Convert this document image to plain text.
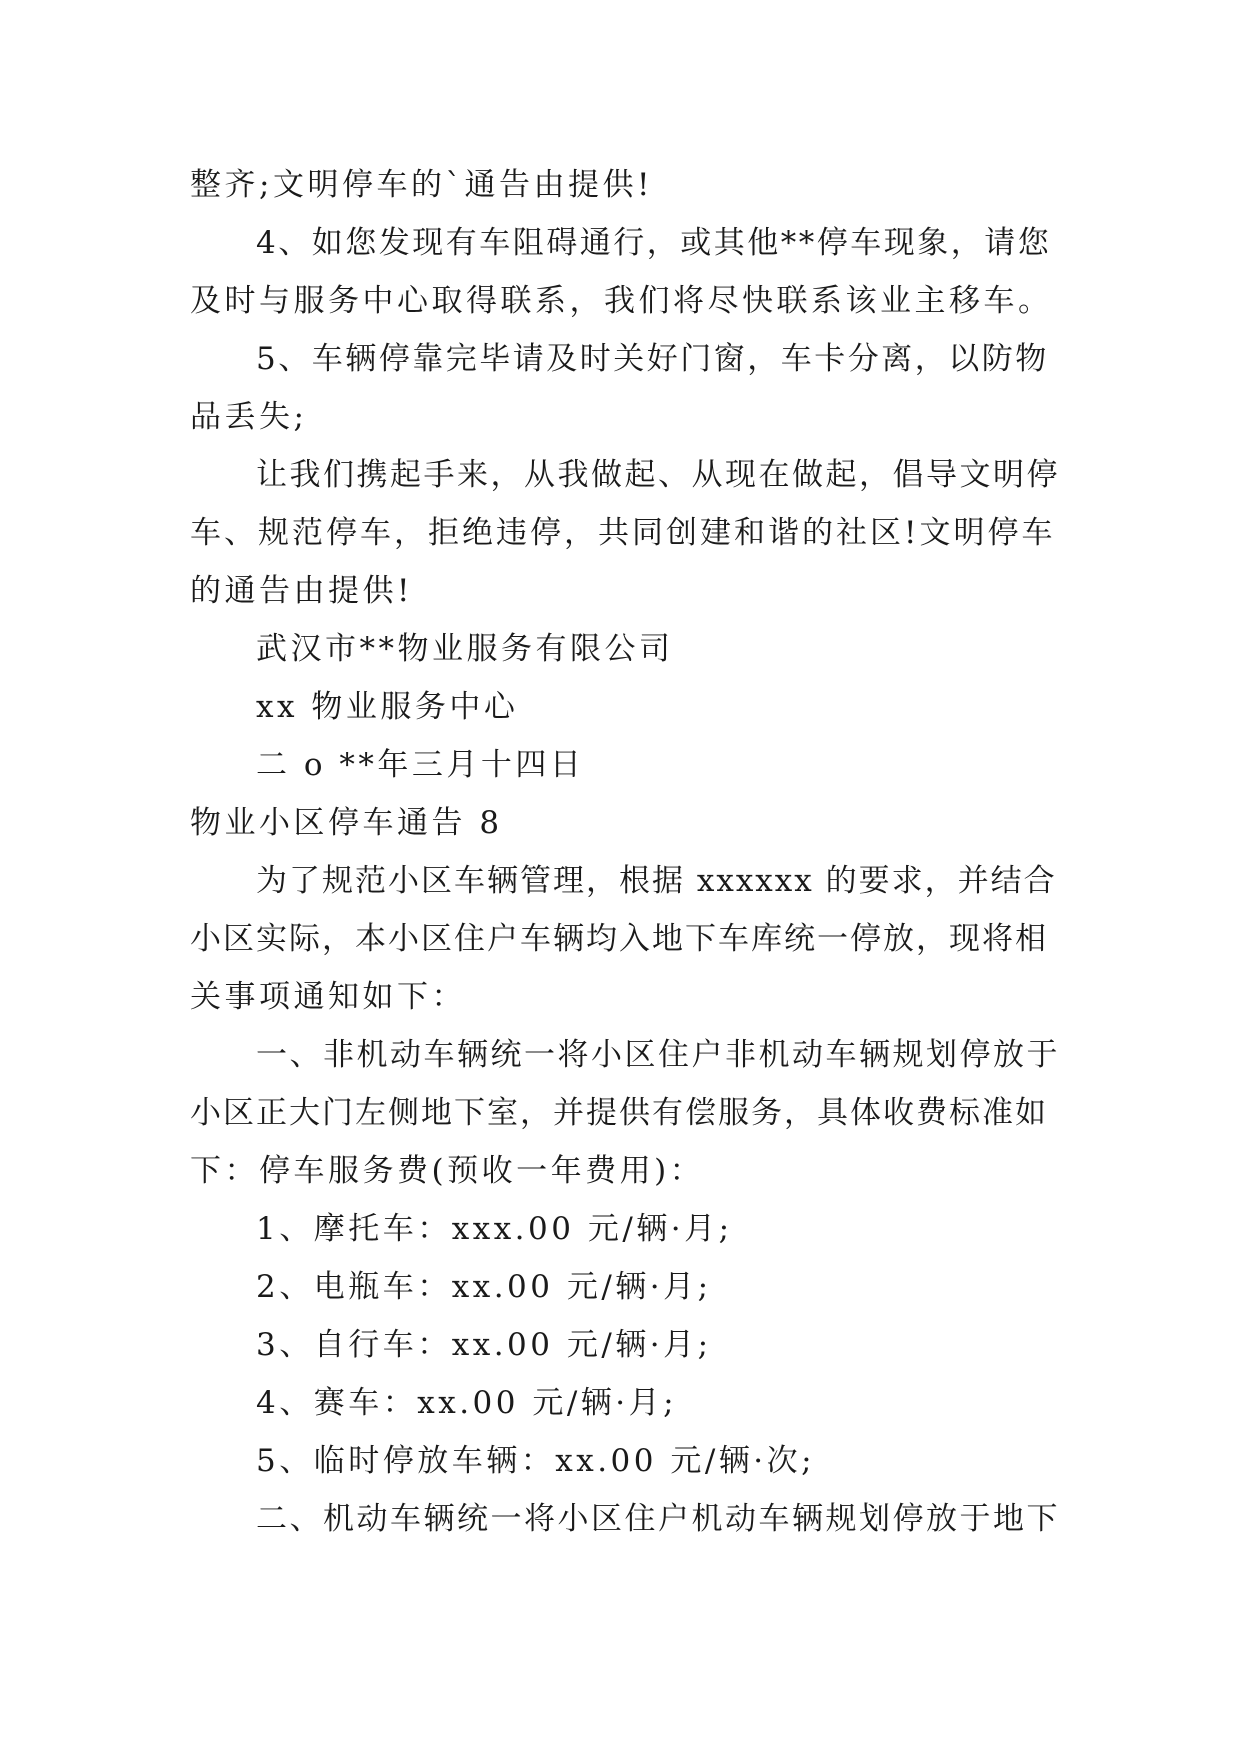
整齐;文明停车的`通告由提供!
4、如您发现有车阻碍通行，或其他**停车现象，请您
及时与服务中心取得联系，我们将尽快联系该业主移车。
5、车辆停靠完毕请及时关好门窗，车卡分离，以防物
品丢失;
让我们携起手来，从我做起、从现在做起，倡导文明停
车、规范停车，拒绝违停，共同创建和谐的社区!文明停车
的通告由提供!
武汉市**物业服务有限公司
xx 物业服务中心
二 o **年三月十四日
物业小区停车通告 8
为了规范小区车辆管理，根据 xxxxxx 的要求，并结合
小区实际，本小区住户车辆均入地下车库统一停放，现将相
关事项通知如下：
一、非机动车辆统一将小区住户非机动车辆规划停放于
小区正大门左侧地下室，并提供有偿服务，具体收费标准如
下：停车服务费(预收一年费用)：
1、摩托车：xxx.00 元/辆·月;
2、电瓶车：xx.00 元/辆·月;
3、自行车：xx.00 元/辆·月;
4、赛车：xx.00 元/辆·月;
5、临时停放车辆：xx.00 元/辆·次;
二、机动车辆统一将小区住户机动车辆规划停放于地下
